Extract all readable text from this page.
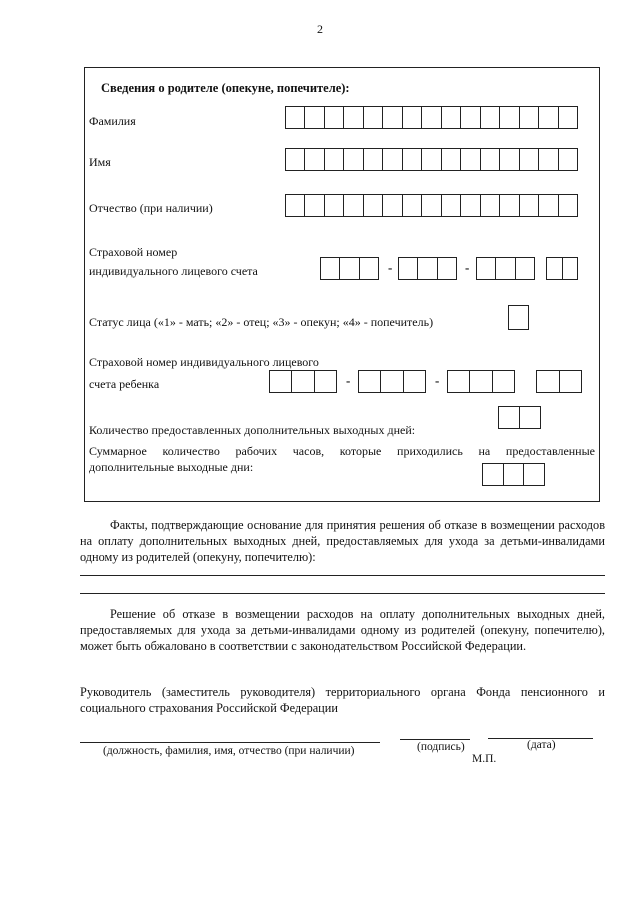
2
Сведения о родителе (опекуне, попечителе):
Фамилия
Имя
Отчество (при наличии)
Страховой номер
индивидуального лицевого счета	-	-
Статус лица («1» - мать; «2» - отец; «3» - опекун; «4» - попечитель)
Страховой номер индивидуального лицевого
счета ребенка	-	-
Количество предоставленных дополнительных выходных дней:
Суммарное количество рабочих часов, которые приходились на предоставленные
дополнительные выходные дни:
Факты, подтверждающие основание для принятия решения об отказе в возмещении расходов на оплату дополнительных выходных дней, предоставляемых для ухода за детьми-инвалидами одному из родителей (опекуну, попечителю):
Решение об отказе в возмещении расходов на оплату дополнительных выходных дней, предоставляемых для ухода за детьми-инвалидами одному из родителей (опекуну, попечителю), может быть обжаловано в соответствии с законодательством Российской Федерации.
Руководитель (заместитель руководителя) территориального органа Фонда пенсионного и социального страхования Российской Федерации
(должность, фамилия, имя, отчество (при наличии)	(подпись)	(дата)
М.П.
